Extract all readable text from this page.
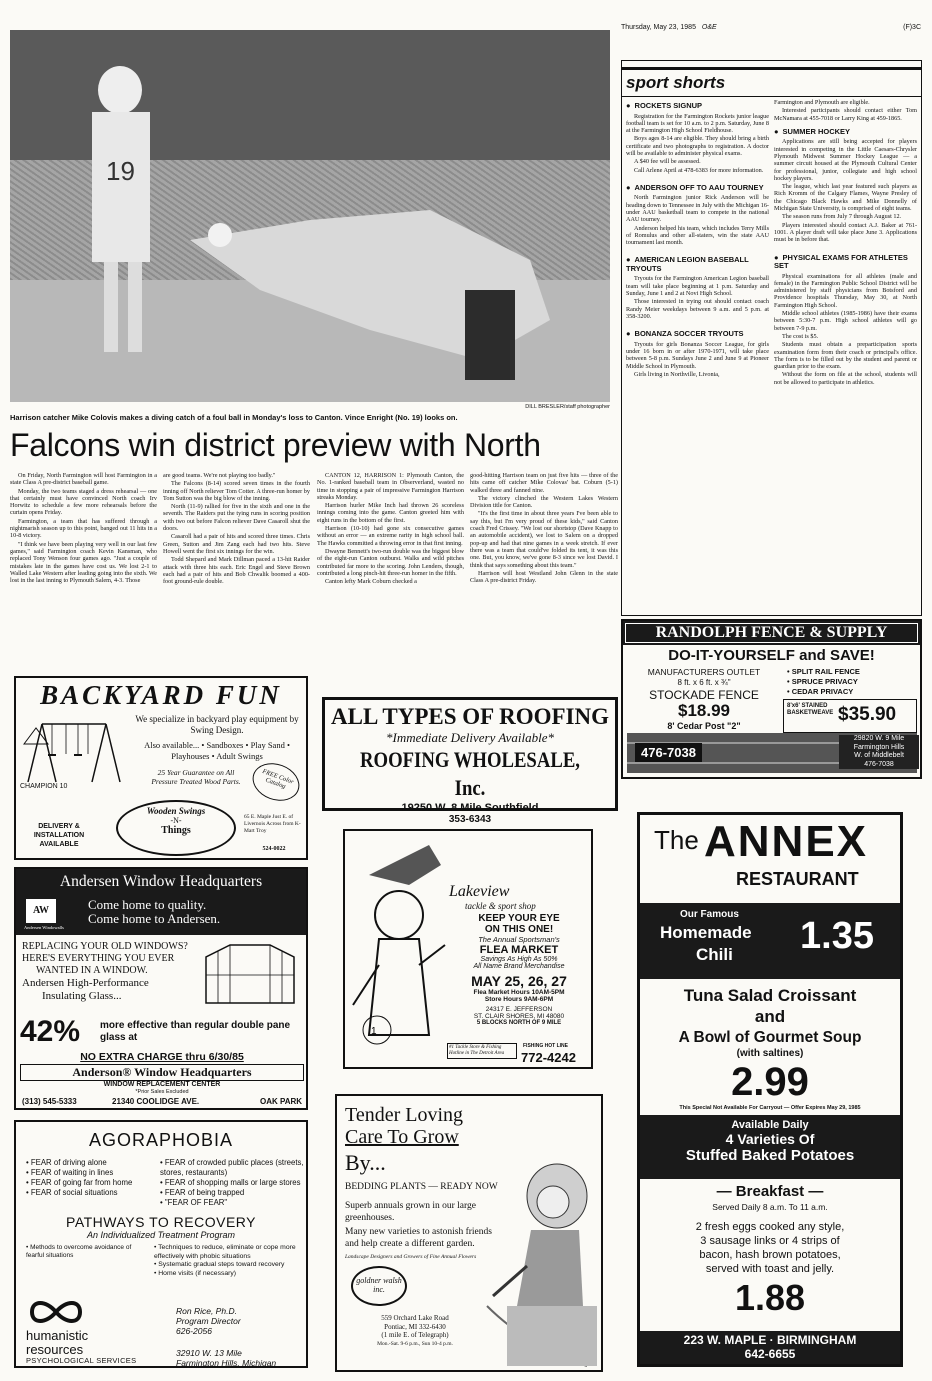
Thursday, May 23, 1985 O&E	(F)3C
19
DILL BRESLER/staff photographer
Harrison catcher Mike Colovis makes a diving catch of a foul ball in Monday's loss to Canton. Vince Enright (No. 19) looks on.
Falcons win district preview with North

On Friday, North Farmington will host Farmington in a state Class A pre-district baseball game.

Monday, the two teams staged a dress rehearsal — one that certainly must have convinced North coach Irv Horwitz to schedule a few more rehearsals before the curtain opens Friday.

Farmington, a team that has suffered through a nightmarish season up to this point, banged out 11 hits in a 10-8 victory.

"I think we have been playing very well in our last few games," said Farmington coach Kevin Kansman, who replaced Tony Wenson four games ago. "Just a couple of mistakes late in the games have cost us. We lost 2-1 to Walled Lake Western after leading going into the sixth. We lost in the last inning to Plymouth Salem, 4-3. Those

are good teams. We're not playing too badly."

The Falcons (8-14) scored seven times in the fourth inning off North reliever Tom Cotter. A three-run homer by Tom Sutton was the big blow of the inning.

North (11-9) rallied for five in the sixth and one in the seventh. The Raiders put the tying runs in scoring position with two out before Falcon reliever Dave Casaroll shut the doors.

Casaroll had a pair of hits and scored three times. Chris Green, Sutton and Jim Zang each had two hits. Steve Howell went the first six innings for the win.

Todd Shepard and Mark Dillman paced a 13-hit Raider attack with three hits each. Eric Engel and Steve Brown each had a pair of hits and Bob Chwalik boomed a 400-foot ground-rule double.

CANTON 12, HARRISON 1: Plymouth Canton, the No. 1-ranked baseball team in Observerland, wasted no time in stopping a pair of impressive Farmington Harrison streaks Monday.

Harrison hurler Mike Inch had thrown 26 scoreless innings coming into the game. Canton greeted him with eight runs in the bottom of the first.

Harrison (10-10) had gone six consecutive games without an error — an extreme rarity in high school ball. The Hawks committed a throwing error in that first inning.

Dwayne Bennett's two-run double was the biggest blow of the eight-run Canton outburst. Walks and wild pitches contributed far more to the scoring. John Lenders, though, contributed a long pinch-hit three-run homer in the fifth.

Canton lefty Mark Coburn checked a

good-hitting Harrison team on just five hits — three of the hits came off catcher Mike Colovas' bat. Coburn (5-1) walked three and fanned nine.

The victory clinched the Western Lakes Western Division title for Canton.

"It's the first time in about three years I've been able to say this, but I'm very proud of these kids," said Canton coach Fred Crissey. "We lost our shortstop (Dave Knapp to an automobile accident), we lost to Salem on a dropped pop-up and had that nine games in a week stretch. If ever there was a team that could've folded its tent, it was this one. But, you know, we've gone 8-3 since we lost David. I think that says something about this team."

Harrison will host Westland John Glenn in the state Class A pre-district Friday.

sport shorts
● ROCKETS SIGNUP

Registration for the Farmington Rockets junior league football team is set for 10 a.m. to 2 p.m. Saturday, June 8 at the Farmington High School Fieldhouse.

Boys ages 8-14 are eligible. They should bring a birth certificate and two photographs to registration. A doctor will be available to administer physical exams.

A $40 fee will be assessed.

Call Arlene April at 478-6383 for more information.

● ANDERSON OFF TO AAU TOURNEY

North Farmington junior Rick Anderson will be heading down to Tennessee in July with the Michigan 16-under AAU basketball team to compete in the national AAU tourney.

Anderson helped his team, which includes Terry Mills of Romulus and other all-staters, win the state AAU tournament last month.

● AMERICAN LEGION BASEBALL TRYOUTS

Tryouts for the Farmington American Legion baseball team will take place beginning at 1 p.m. Saturday and Sunday, June 1 and 2 at Novi High School.

Those interested in trying out should contact coach Randy Meier weekdays between 9 a.m. and 5 p.m. at 358-3200.

● BONANZA SOCCER TRYOUTS

Tryouts for girls Bonanza Soccer League, for girls under 16 born in or after 1970-1971, will take place between 5-8 p.m. Sundays June 2 and June 9 at Pioneer Middle School in Plymouth.

Girls living in Northville, Livonia,

Farmington and Plymouth are eligible.

Interested participants should contact either Tom McNamara at 455-7018 or Larry King at 459-1865.

● SUMMER HOCKEY

Applications are still being accepted for players interested in competing in the Little Caesars-Chrysler Plymouth Midwest Summer Hockey League — a summer circuit housed at the Plymouth Cultural Center for professional, junior, collegiate and high school hockey players.

The league, which last year featured such players as Rich Kromm of the Calgary Flames, Wayne Presley of the Chicago Black Hawks and Mike Donnelly of Michigan State University, is comprised of eight teams.

The season runs from July 7 through August 12.

Players interested should contact A.J. Baker at 761-1001. A player draft will take place June 3. Applications must be in before that.

● PHYSICAL EXAMS FOR ATHLETES SET

Physical examinations for all athletes (male and female) in the Farmington Public School District will be administered by staff physicians from Botsford and Providence hospitals Thursday, May 30, at North Farmington High School.

Middle school athletes (1985-1986) have their exams between 5:30-7 p.m. High school athletes will go between 7-9 p.m.

The cost is $5.

Students must obtain a preparticipation sports examination form from their coach or principal's office. The form is to be filled out by the student and parent or guardian prior to the exam.

Without the form on file at the school, students will not be allowed to participate in athletics.

BACKYARD FUN
We specialize in backyard play equipment by Swing Design.
Also available... • Sandboxes • Play Sand • Playhouses • Adult Swings
25 Year Guarantee on All Pressure Treated Wood Parts.	FREE Color Catalog
CHAMPION 10
DELIVERY & INSTALLATION AVAILABLE
Wooden Swings
-N-
Things
65 E. Maple Just E. of Livernois Across from K-Mart Troy
524-0022
Andersen Window Headquarters
AW
Andersen Windowalls
Come home to quality.
Come home to Andersen.
REPLACING YOUR OLD WINDOWS?
HERE'S EVERYTHING YOU EVER
WANTED IN A WINDOW.
Andersen High-Performance
Insulating Glass...
42% more effective than regular double pane glass at
NO EXTRA CHARGE thru 6/30/85
Anderson® Window Headquarters
WINDOW REPLACEMENT CENTER
*Prior Sales Excluded
(313) 545-5333	21340 COOLIDGE AVE.	OAK PARK
AGORAPHOBIA
• FEAR of driving alone
• FEAR of waiting in lines
• FEAR of going far from home
• FEAR of social situations
• FEAR of crowded public places (streets, stores, restaurants)
• FEAR of shopping malls or large stores
• FEAR of being trapped
• "FEAR OF FEAR"
PATHWAYS TO RECOVERY
An Individualized Treatment Program
• Methods to overcome avoidance of fearful situations
• Techniques to reduce, eliminate or cope more effectively with phobic situations
• Systematic gradual steps toward recovery
• Home visits (if necessary)
humanistic
resources
PSYCHOLOGICAL SERVICES
Ron Rice, Ph.D.
Program Director
626-2056
32910 W. 13 Mile
Farmington Hills, Michigan
ALL TYPES OF ROOFING
*Immediate Delivery Available*
ROOFING WHOLESALE, Inc.
19250 W. 8 Mile Southfield
353-6343
1
Lakeview
tackle & sport shop
KEEP YOUR EYE
ON THIS ONE!
The Annual Sportsman's
FLEA MARKET
Savings As High As 50%
All Name Brand Merchandise
MAY 25, 26, 27
Flea Market Hours 10AM-5PM
Store Hours 9AM-6PM
24317 E. JEFFERSON
ST. CLAIR SHORES, MI 48080
5 BLOCKS NORTH OF 9 MILE
#1 Tackle Store & Fishing Hotline in The Detroit Area
FISHING HOT LINE
772-4242
Tender Loving
Care To Grow
By...
BEDDING PLANTS — READY NOW
Superb annuals grown in our large greenhouses.
Many new varieties to astonish friends and help create a different garden.
Landscape Designers and Growers of Fine Annual Flowers
goldner walsh inc.
559 Orchard Lake Road
Pontiac, MI 332-6430
(1 mile E. of Telegraph)
Mon.-Sat. 9-6 p.m., Sun 10-4 p.m.
RANDOLPH FENCE & SUPPLY
DO-IT-YOURSELF and SAVE!
MANUFACTURERS OUTLET
8 ft. x 6 ft. x ¾"
STOCKADE FENCE
$18.99
8' Cedar Post "2"
• SPLIT RAIL FENCE
• SPRUCE PRIVACY
• CEDAR PRIVACY
8'x6' STAINED BASKETWEAVE $35.90
476-7038
29820 W. 9 Mile
Farmington Hills
W. of Middlebelt
476-7038
The ANNEX
RESTAURANT
Our Famous
Homemade
Chili 1.35
Tuna Salad Croissant
and
A Bowl of Gourmet Soup
(with saltines)
2.99
This Special Not Available For Carryout — Offer Expires May 29, 1985
Available Daily
4 Varieties Of
Stuffed Baked Potatoes
— Breakfast —
Served Daily 8 a.m. To 11 a.m.
2 fresh eggs cooked any style,
3 sausage links or 4 strips of
bacon, hash brown potatoes,
served with toast and jelly.
1.88
223 W. MAPLE · BIRMINGHAM
642-6655
